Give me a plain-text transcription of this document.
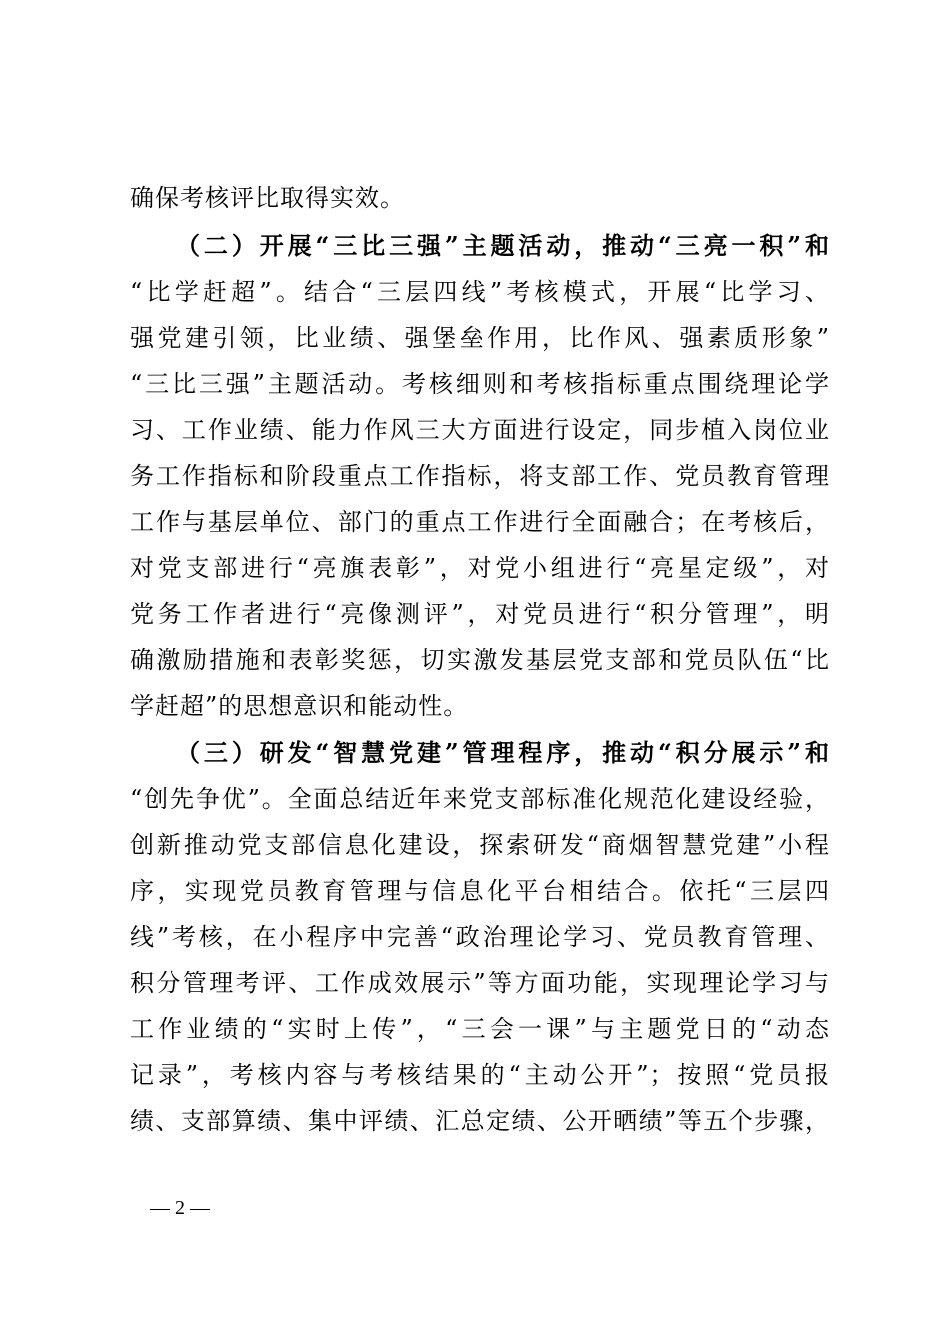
确保考核评比取得实效。
（二）开展“三比三强”主题活动，推动“三亮一积”和
“比学赶超”。结合“三层四线”考核模式，开展“比学习、
强党建引领，比业绩、强堡垒作用，比作风、强素质形象”
“三比三强”主题活动。考核细则和考核指标重点围绕理论学
习、工作业绩、能力作风三大方面进行设定，同步植入岗位业
务工作指标和阶段重点工作指标，将支部工作、党员教育管理
工作与基层单位、部门的重点工作进行全面融合；在考核后，
对党支部进行“亮旗表彰”，对党小组进行“亮星定级”，对
党务工作者进行“亮像测评”，对党员进行“积分管理”，明
确激励措施和表彰奖惩，切实激发基层党支部和党员队伍“比
学赶超”的思想意识和能动性。
（三）研发“智慧党建”管理程序，推动“积分展示”和
“创先争优”。全面总结近年来党支部标准化规范化建设经验，
创新推动党支部信息化建设，探索研发“商烟智慧党建”小程
序，实现党员教育管理与信息化平台相结合。依托“三层四
线”考核，在小程序中完善“政治理论学习、党员教育管理、
积分管理考评、工作成效展示”等方面功能，实现理论学习与
工作业绩的“实时上传”，“三会一课”与主题党日的“动态
记录”，考核内容与考核结果的“主动公开”；按照“党员报
绩、支部算绩、集中评绩、汇总定绩、公开晒绩”等五个步骤，
— 2 —
